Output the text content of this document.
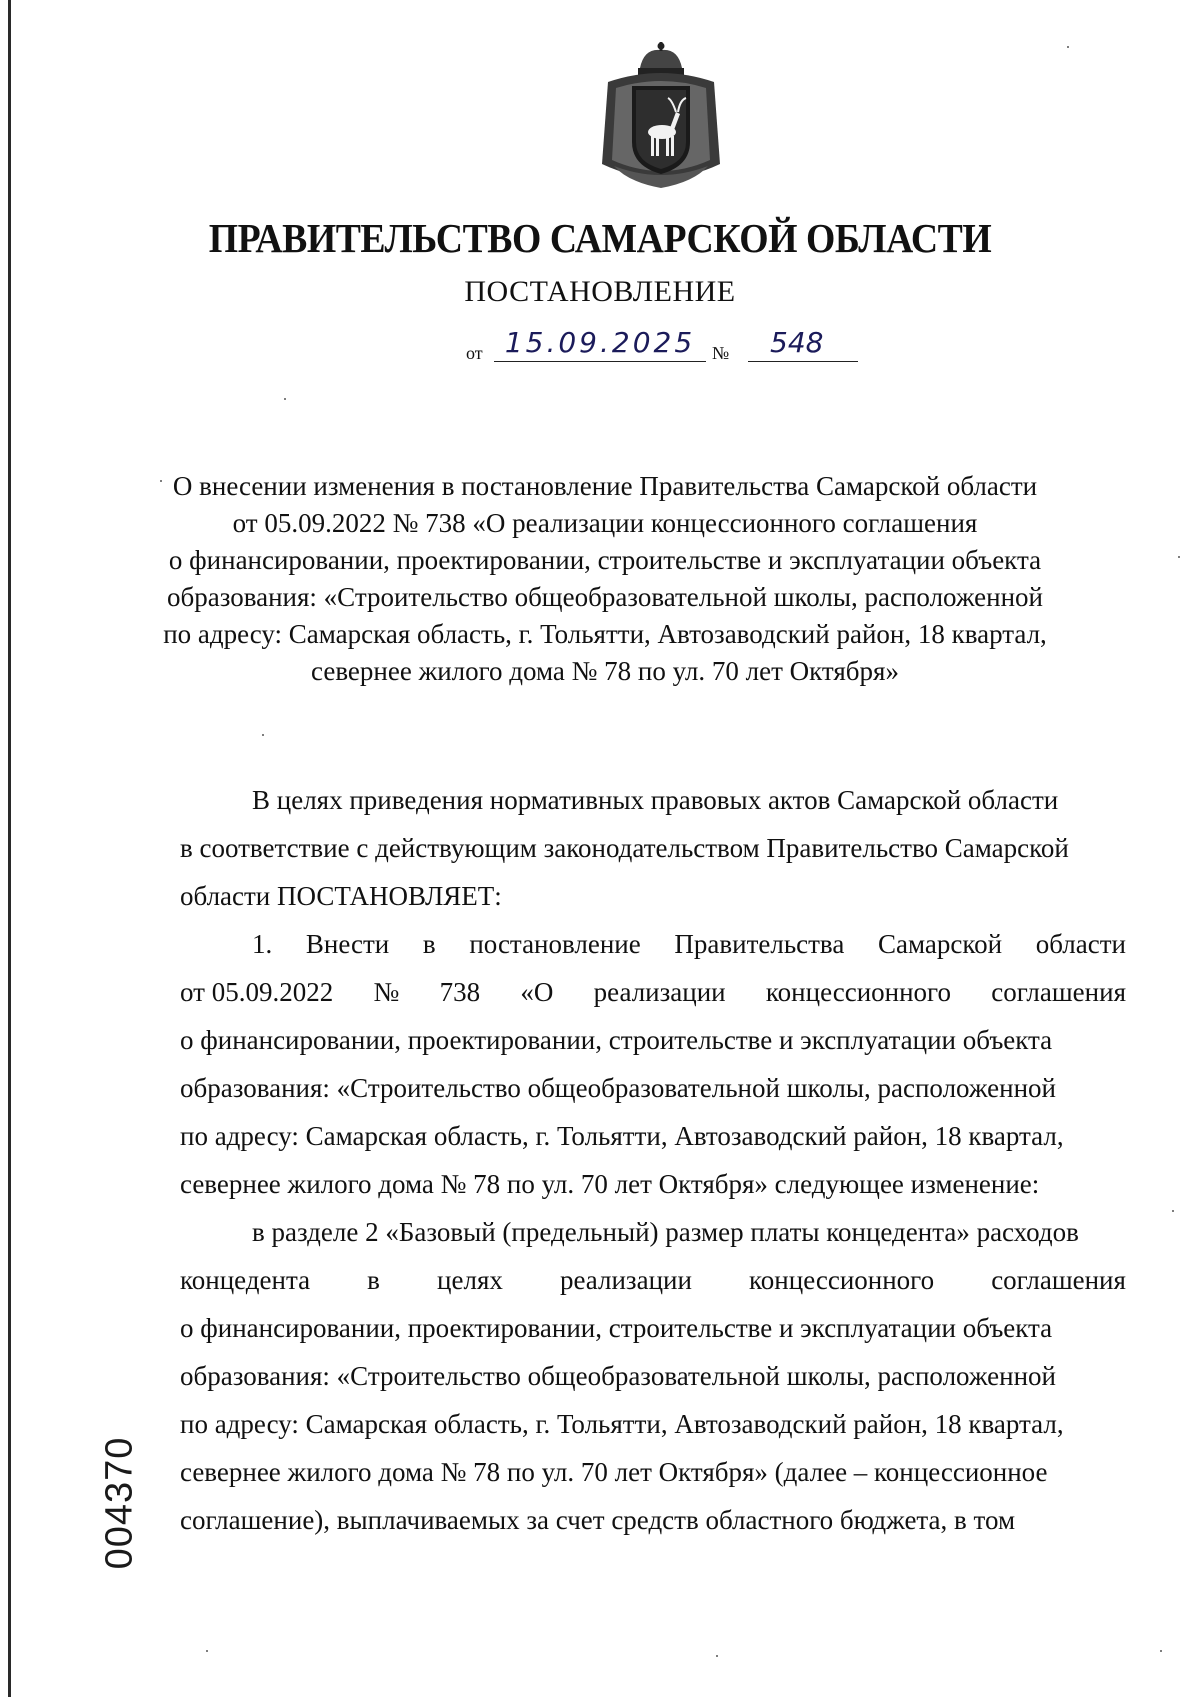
ПРАВИТЕЛЬСТВО САМАРСКОЙ ОБЛАСТИ
ПОСТАНОВЛЕНИЕ
от 15.09.2025 №	548
О внесении изменения в постановление Правительства Самарской области
от 05.09.2022 № 738 «О реализации концессионного соглашения
о финансировании, проектировании, строительстве и эксплуатации объекта
образования: «Строительство общеобразовательной школы, расположенной
по адресу: Самарская область, г. Тольятти, Автозаводский район, 18 квартал,
севернее жилого дома № 78 по ул. 70 лет Октября»
В целях приведения нормативных правовых актов Самарской области
в соответствие с действующим законодательством Правительство Самарской
области ПОСТАНОВЛЯЕТ:
1. Внести в постановление Правительства Самарской области
от 05.09.2022 № 738 «О реализации концессионного соглашения
о финансировании, проектировании, строительстве и эксплуатации объекта
образования: «Строительство общеобразовательной школы, расположенной
по адресу: Самарская область, г. Тольятти, Автозаводский район, 18 квартал,
севернее жилого дома № 78 по ул. 70 лет Октября» следующее изменение:
в разделе 2 «Базовый (предельный) размер платы концедента» расходов
концедента в целях реализации концессионного соглашения
о финансировании, проектировании, строительстве и эксплуатации объекта
образования: «Строительство общеобразовательной школы, расположенной
по адресу: Самарская область, г. Тольятти, Автозаводский район, 18 квартал,
севернее жилого дома № 78 по ул. 70 лет Октября» (далее – концессионное
соглашение), выплачиваемых за счет средств областного бюджета, в том
004370
